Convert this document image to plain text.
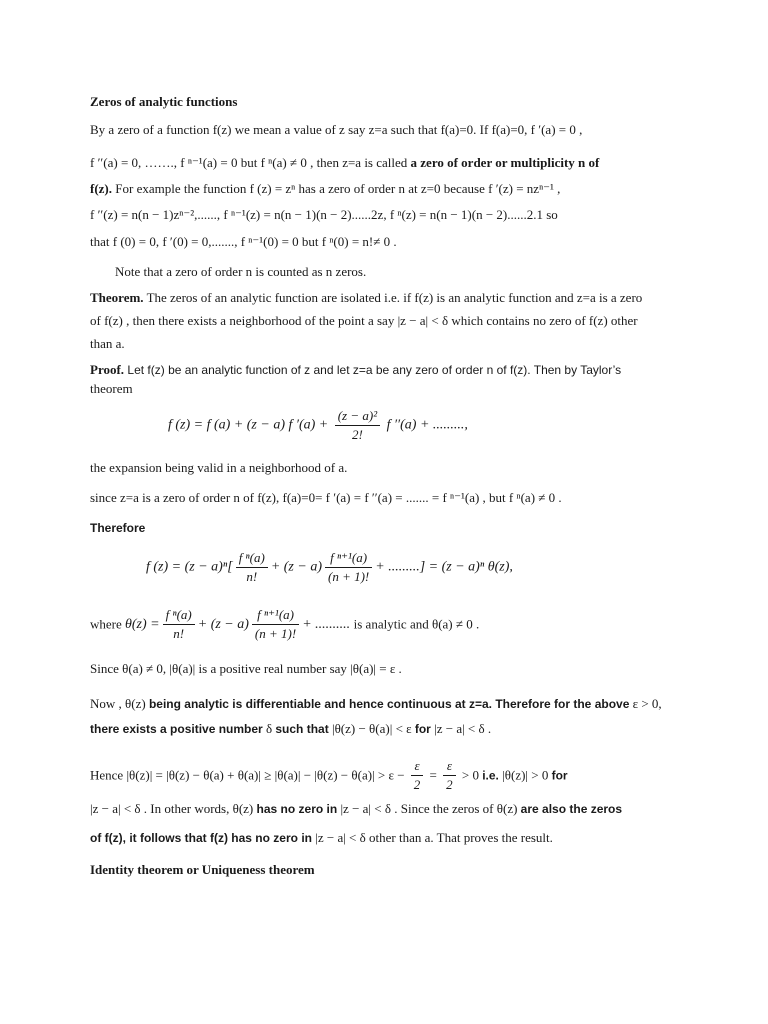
Zeros of analytic functions
By a zero of a function f(z) we mean a value of z say z=a such that f(a)=0. If f(a)=0, f ′(a) = 0 ,
f ′′(a) = 0, ……., f ⁿ⁻¹(a) = 0 but f ⁿ(a) ≠ 0 , then z=a is called a zero of order or multiplicity n of
f(z). For example the function f (z) = zⁿ has a zero of order n at z=0 because f ′(z) = nzⁿ⁻¹ ,
f ′′(z) = n(n − 1)zⁿ⁻²,......, f ⁿ⁻¹(z) = n(n − 1)(n − 2)......2z, f ⁿ(z) = n(n − 1)(n − 2)......2.1 so
that f (0) = 0, f ′(0) = 0,......., f ⁿ⁻¹(0) = 0 but f ⁿ(0) = n!≠ 0 .
Note that a zero of order n is counted as n zeros.
Theorem. The zeros of an analytic function are isolated i.e. if f(z) is an analytic function and z=a is a zero
of f(z) , then there exists a neighborhood of the point a say |z − a| < δ which contains no zero of f(z) other
than a.
Proof. Let f(z) be an analytic function of z and let z=a be any zero of order n of f(z). Then by Taylor’s
theorem
f (z) = f (a) + (z − a) f $'(a) + \frac{\text{(z − a)²}}{2!}$ f ′′(a) + .........,
the expansion being valid in a neighborhood of a.
since z=a is a zero of order n of f(z), f(a)=0= f ′(a) = f ′′(a) = ....... = f ⁿ⁻¹(a) , but f ⁿ(a) ≠ 0 .
Therefore
f $(z) = (z - a)^n[ \frac{\text{f ⁿ(a)}}{n!} + (z - a) \frac{\text{f ⁿ⁺¹(a)}}{(n + 1)!}$ + .........] = (z − a)ⁿ θ(z),
where $\theta(z) = \frac{\text{f ⁿ(a)}}{n!} + (z - a) \frac{\text{f ⁿ⁺¹(a)}}{(n + 1)!}$ + .......... is analytic and θ(a) ≠ 0 .
Since θ(a) ≠ 0, |θ(a)| is a positive real number say |θ(a)| = ε .
Now , θ(z) being analytic is differentiable and hence continuous at z=a. Therefore for the above ε > 0,
there exists a positive number δ such that |θ(z) − θ(a)| < ε for |z − a| < δ .
Hence $|\theta(z)| = |\theta(z) - \theta(a) + \theta(a)| \ge |\theta(a)| - |\theta(z) - \theta(a)| > \varepsilon - \frac{\varepsilon}{2} = \frac{\varepsilon}{2} > 0$ i.e. |θ(z)| > 0 for
|z − a| < δ . In other words, θ(z) has no zero in |z − a| < δ . Since the zeros of θ(z) are also the zeros
of f(z), it follows that f(z) has no zero in |z − a| < δ other than a. That proves the result.
Identity theorem or Uniqueness theorem
